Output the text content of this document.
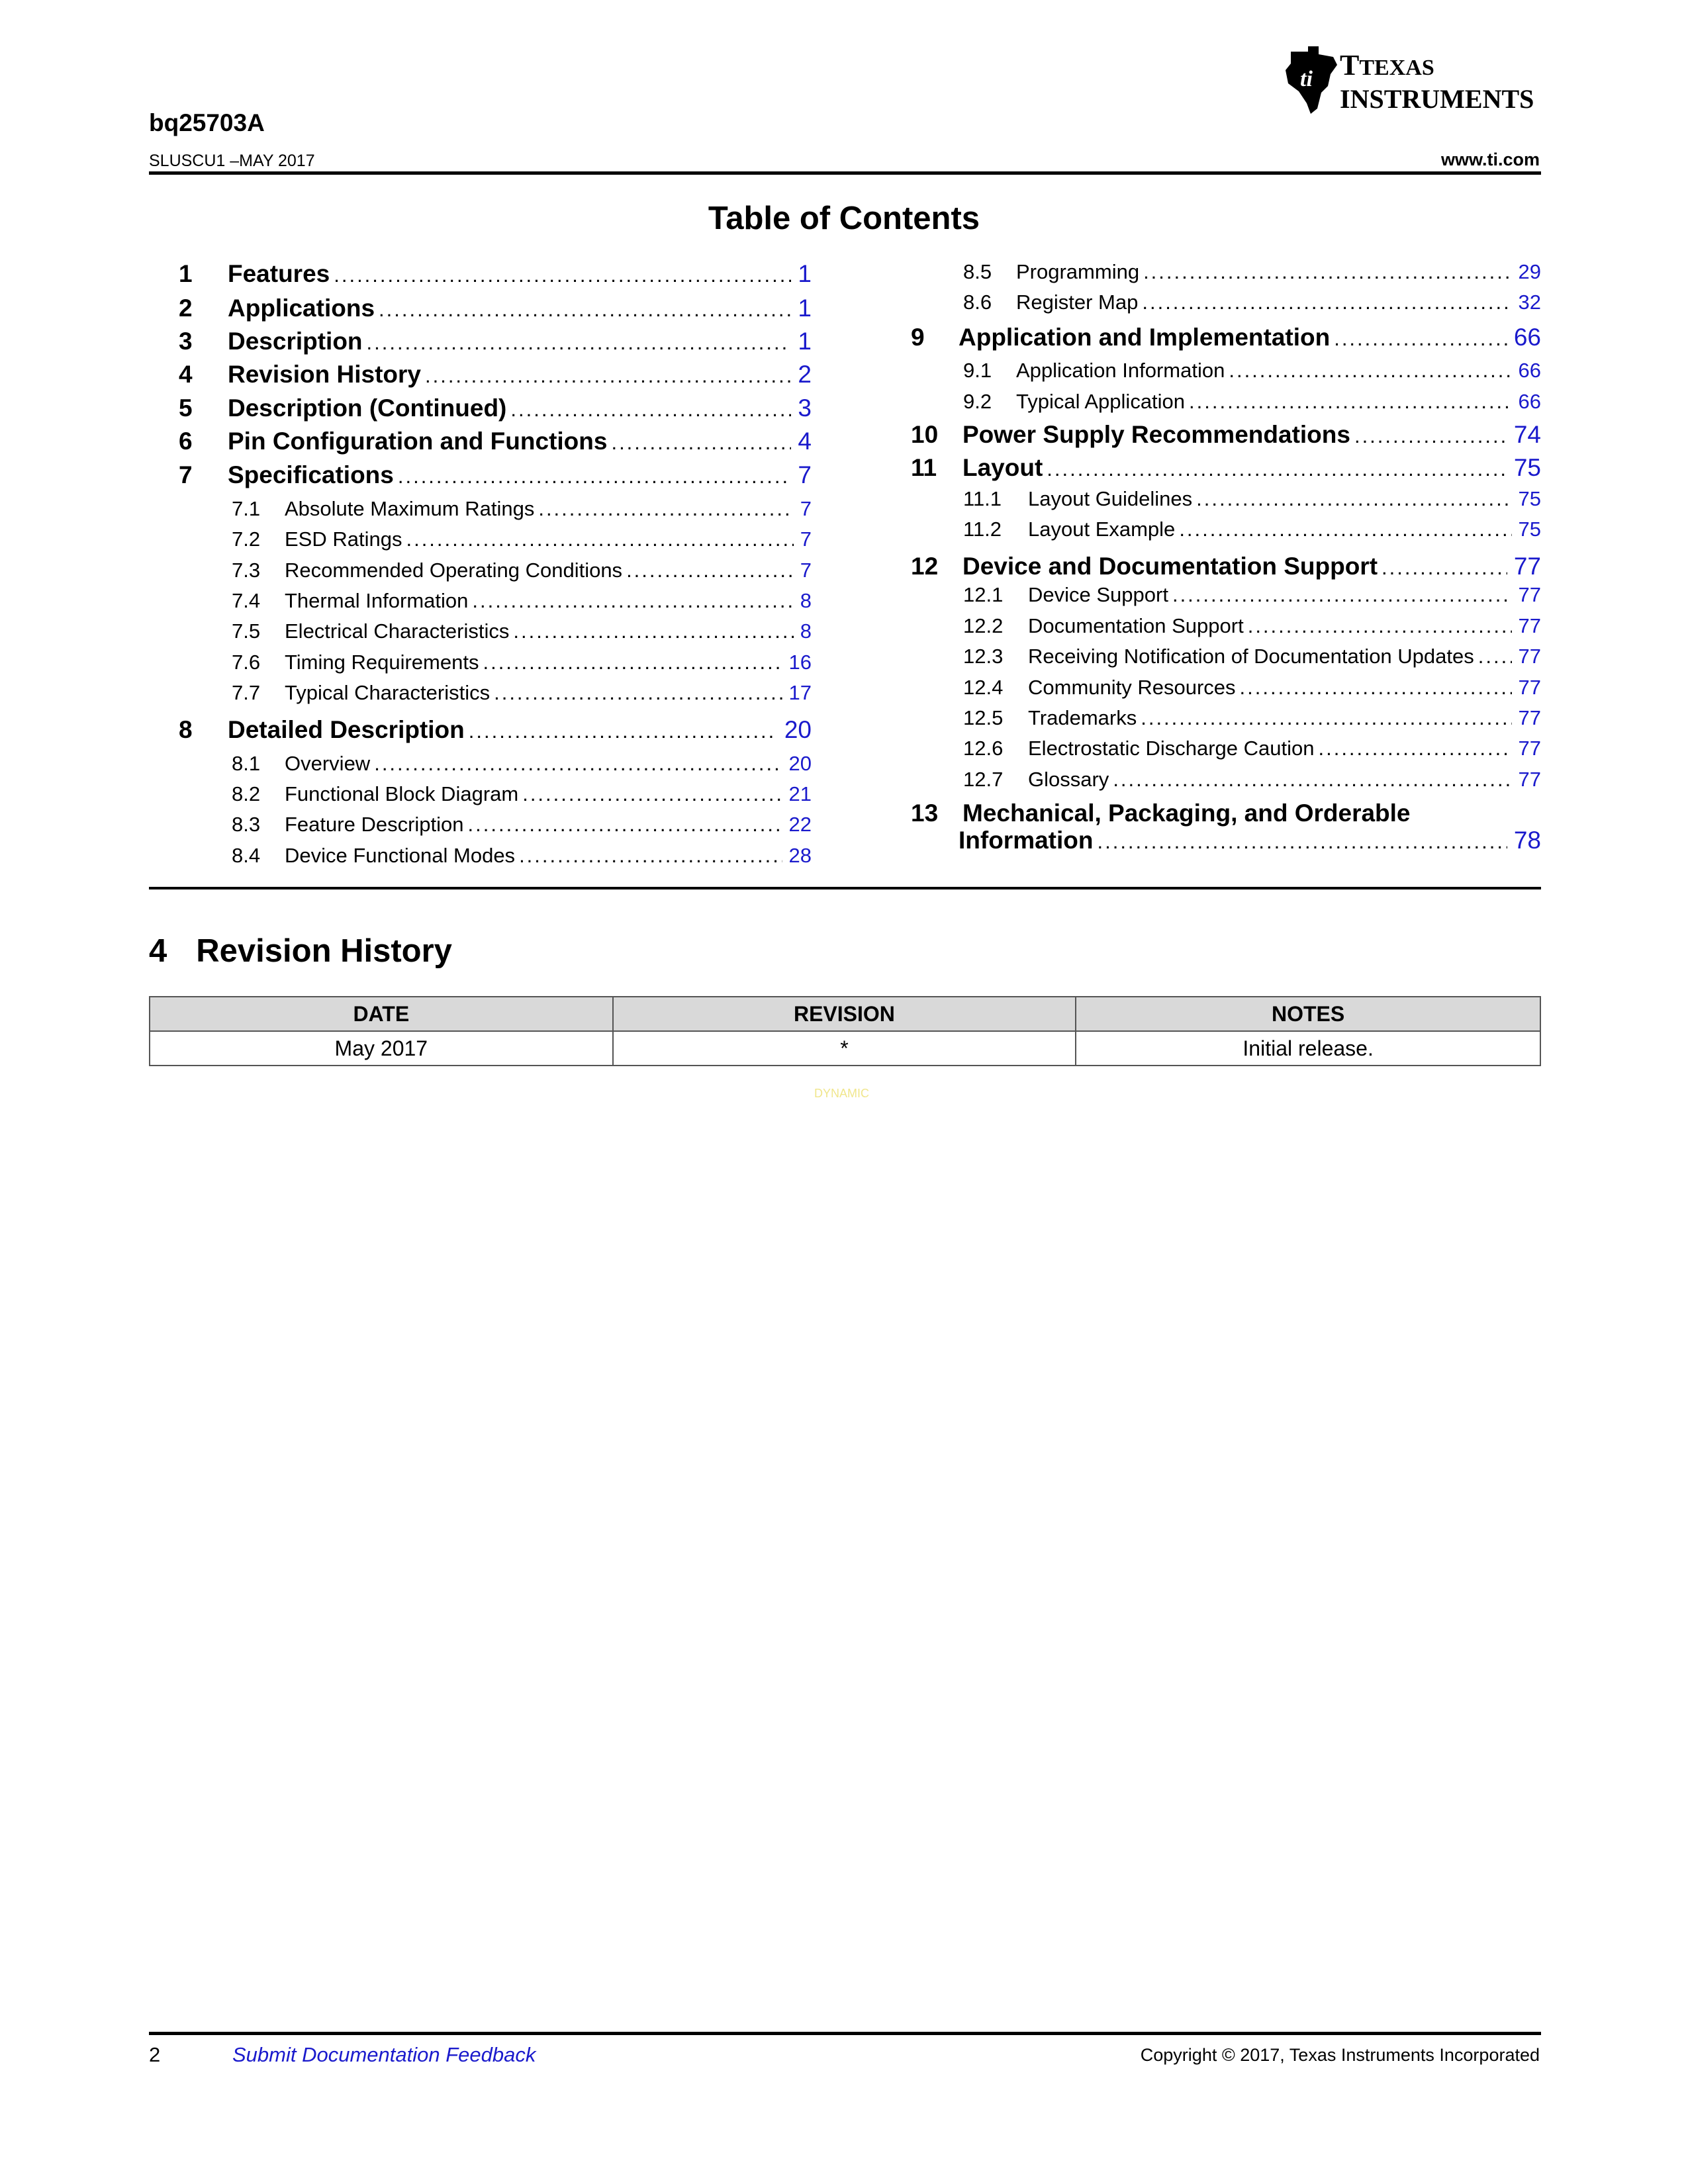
ti TTEXAS
INSTRUMENTS
bq25703A
SLUSCU1 –MAY 2017	www.ti.com
Table of Contents
4 Revision History
DATE	REVISION	NOTES
May 2017	*	Initial release.
DYNAMIC
2	Submit Documentation Feedback	Copyright © 2017, Texas Instruments Incorporated
1	Features .....	1
2	Applications .....	1
3	Description .....	1
4	Revision History .....	2
5	Description (Continued) .....	3
6	Pin Configuration and Functions .....	4
7	Specifications .....	7
7.1	Absolute Maximum Ratings .....	7
7.2	ESD Ratings .....	7
7.3	Recommended Operating Conditions .....	7
7.4	Thermal Information .....	8
7.5	Electrical Characteristics .....	8
7.6	Timing Requirements .....	16
7.7	Typical Characteristics .....	17
8	Detailed Description .....	20
8.1	Overview .....	20
8.2	Functional Block Diagram .....	21
8.3	Feature Description .....	22
8.4	Device Functional Modes .....	28
8.5	Programming .....	29
8.6	Register Map .....	32
9	Application and Implementation .....	66
9.1	Application Information .....	66
9.2	Typical Application .....	66
10 Power Supply Recommendations .....	74
11	Layout .....	75
11.1	Layout Guidelines .....	75
11.2	Layout Example .....	75
12 Device and Documentation Support .....	77
12.1	Device Support .....	77
12.2	Documentation Support .....	77
12.3	Receiving Notification of Documentation Updates ..... 77
12.4	Community Resources .....	77
12.5	Trademarks .....	77
12.6	Electrostatic Discharge Caution .....	77
12.7	Glossary .....	77
13 Mechanical, Packaging, and Orderable
Information .....	78
